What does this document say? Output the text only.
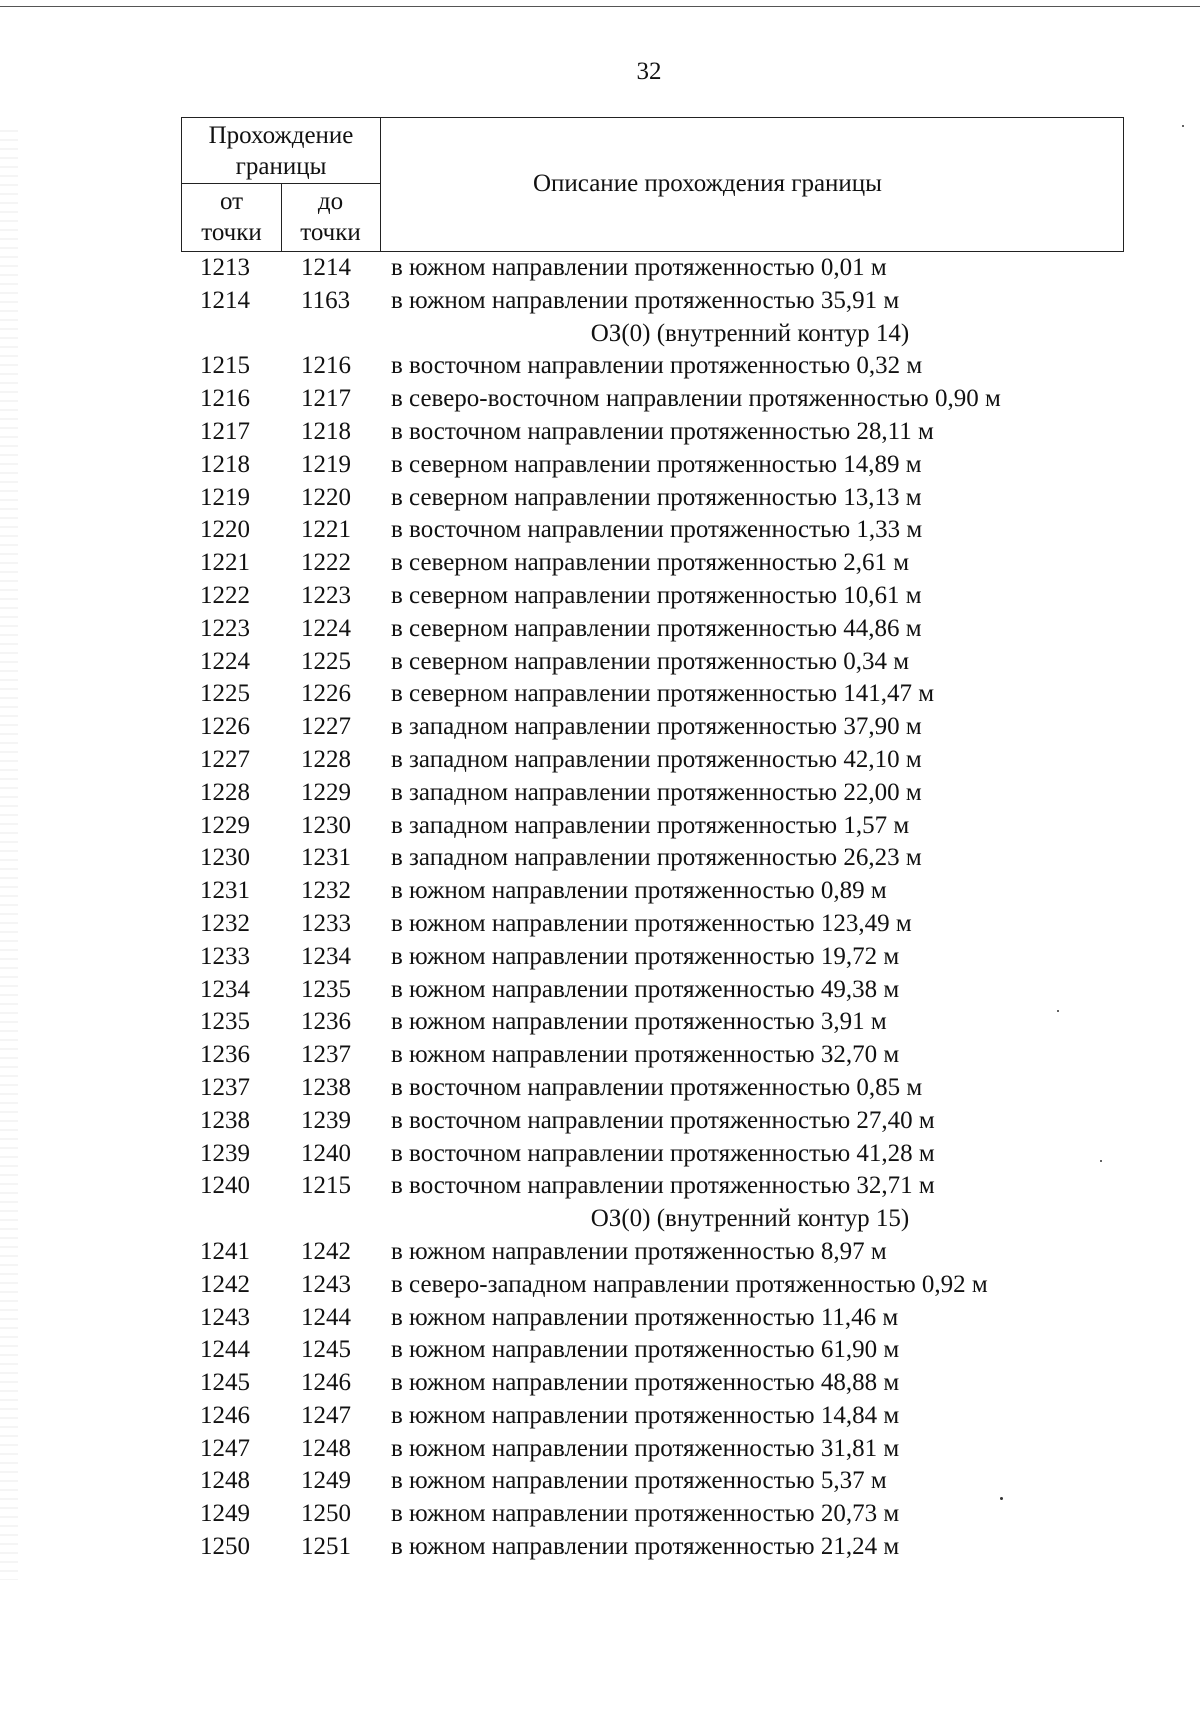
32
Прохождение
границы
от
точки
до
точки
Описание прохождения границы
1213	1214	в южном направлении протяженностью 0,01 м
1214	1163	в южном направлении протяженностью 35,91 м
ОЗ(0) (внутренний контур 14)
1215	1216	в восточном направлении протяженностью 0,32 м
1216	1217	в северо-восточном направлении протяженностью 0,90 м
1217	1218	в восточном направлении протяженностью 28,11 м
1218	1219	в северном направлении протяженностью 14,89 м
1219	1220	в северном направлении протяженностью 13,13 м
1220	1221	в восточном направлении протяженностью 1,33 м
1221	1222	в северном направлении протяженностью 2,61 м
1222	1223	в северном направлении протяженностью 10,61 м
1223	1224	в северном направлении протяженностью 44,86 м
1224	1225	в северном направлении протяженностью 0,34 м
1225	1226	в северном направлении протяженностью 141,47 м
1226	1227	в западном направлении протяженностью 37,90 м
1227	1228	в западном направлении протяженностью 42,10 м
1228	1229	в западном направлении протяженностью 22,00 м
1229	1230	в западном направлении протяженностью 1,57 м
1230	1231	в западном направлении протяженностью 26,23 м
1231	1232	в южном направлении протяженностью 0,89 м
1232	1233	в южном направлении протяженностью 123,49 м
1233	1234	в южном направлении протяженностью 19,72 м
1234	1235	в южном направлении протяженностью 49,38 м
1235	1236	в южном направлении протяженностью 3,91 м
1236	1237	в южном направлении протяженностью 32,70 м
1237	1238	в восточном направлении протяженностью 0,85 м
1238	1239	в восточном направлении протяженностью 27,40 м
1239	1240	в восточном направлении протяженностью 41,28 м
1240	1215	в восточном направлении протяженностью 32,71 м
ОЗ(0) (внутренний контур 15)
1241	1242	в южном направлении протяженностью 8,97 м
1242	1243	в северо-западном направлении протяженностью 0,92 м
1243	1244	в южном направлении протяженностью 11,46 м
1244	1245	в южном направлении протяженностью 61,90 м
1245	1246	в южном направлении протяженностью 48,88 м
1246	1247	в южном направлении протяженностью 14,84 м
1247	1248	в южном направлении протяженностью 31,81 м
1248	1249	в южном направлении протяженностью 5,37 м
1249	1250	в южном направлении протяженностью 20,73 м
1250	1251	в южном направлении протяженностью 21,24 м
